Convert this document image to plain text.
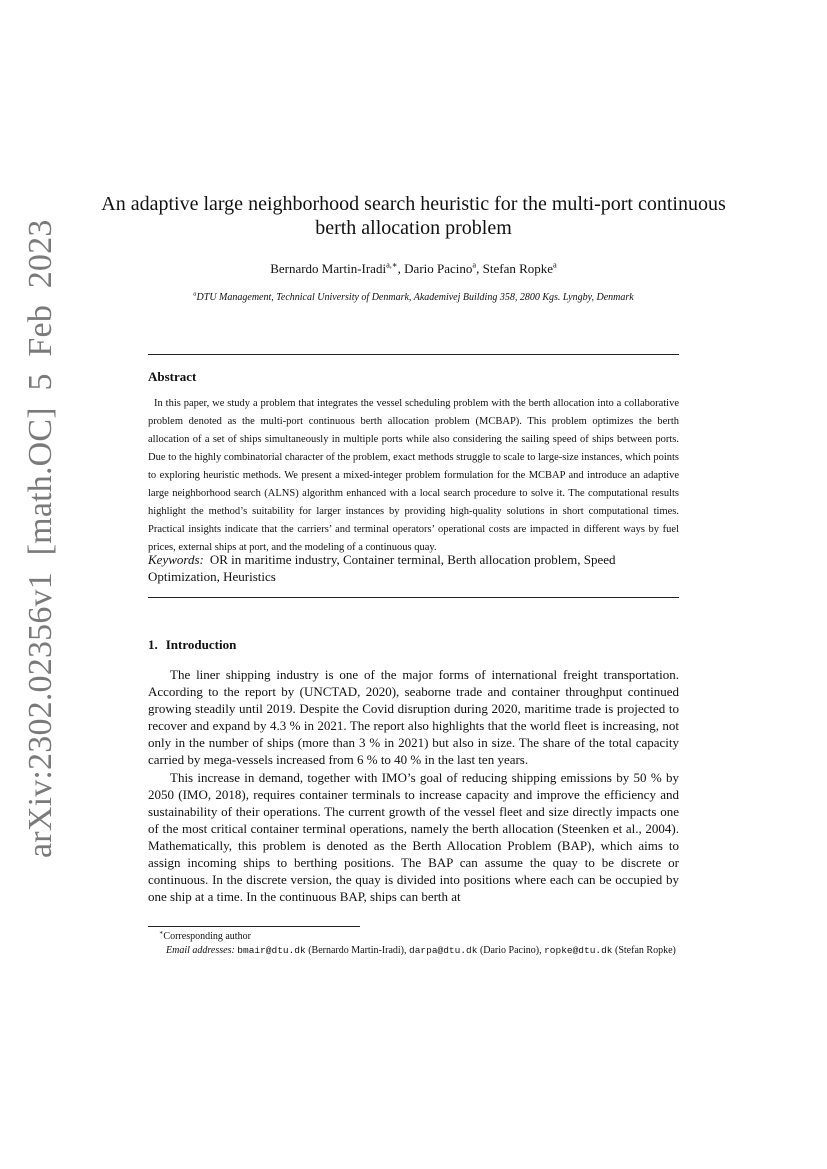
arXiv:2302.02356v1 [math.OC] 5 Feb 2023
An adaptive large neighborhood search heuristic for the multi-port continuous berth allocation problem
Bernardo Martin-Iradi$^{a,∗}$, Dario Pacino$^a$, Stefan Ropke$^a$
$^a$DTU Management, Technical University of Denmark, Akademivej Building 358, 2800 Kgs. Lyngby, Denmark
Abstract
In this paper, we study a problem that integrates the vessel scheduling problem with the berth allocation into a collaborative problem denoted as the multi-port continuous berth allocation problem (MCBAP). This problem optimizes the berth allocation of a set of ships simultaneously in multiple ports while also considering the sailing speed of ships between ports. Due to the highly combinatorial character of the problem, exact methods struggle to scale to large-size instances, which points to exploring heuristic methods. We present a mixed-integer problem formulation for the MCBAP and introduce an adaptive large neighborhood search (ALNS) algorithm enhanced with a local search procedure to solve it. The computational results highlight the method’s suitability for larger instances by providing high-quality solutions in short computational times. Practical insights indicate that the carriers’ and terminal operators’ operational costs are impacted in different ways by fuel prices, external ships at port, and the modeling of a continuous quay.
Keywords: OR in maritime industry, Container terminal, Berth allocation problem, Speed Optimization, Heuristics
1. Introduction

The liner shipping industry is one of the major forms of international freight transportation. According to the report by (UNCTAD, 2020), seaborne trade and container throughput continued growing steadily until 2019. Despite the Covid disruption during 2020, maritime trade is projected to recover and expand by 4.3 % in 2021. The report also highlights that the world fleet is increasing, not only in the number of ships (more than 3 % in 2021) but also in size. The share of the total capacity carried by mega-vessels increased from 6 % to 40 % in the last ten years.

This increase in demand, together with IMO’s goal of reducing shipping emissions by 50 % by 2050 (IMO, 2018), requires container terminals to increase capacity and improve the efficiency and sustainability of their operations. The current growth of the vessel fleet and size directly impacts one of the most critical container terminal operations, namely the berth allocation (Steenken et al., 2004). Mathematically, this problem is denoted as the Berth Allocation Problem (BAP), which aims to assign incoming ships to berthing positions. The BAP can assume the quay to be discrete or continuous. In the discrete version, the quay is divided into positions where each can be occupied by one ship at a time. In the continuous BAP, ships can berth at

∗Corresponding author
Email addresses: bmair@dtu.dk (Bernardo Martin-Iradi), darpa@dtu.dk (Dario Pacino), ropke@dtu.dk (Stefan Ropke)
